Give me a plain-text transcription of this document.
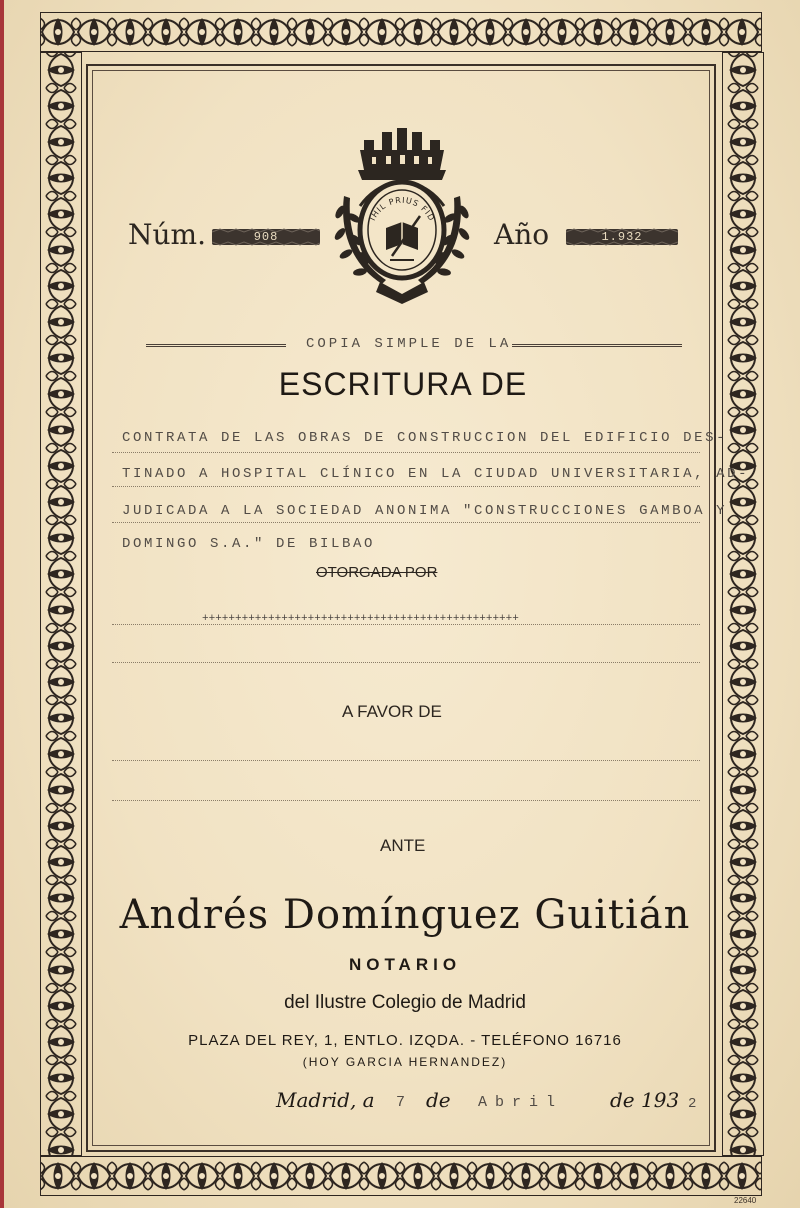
Núm.	908	Año	1.932
IHIL PRIUS FID
COPIA SIMPLE DE LA
ESCRITURA DE
CONTRATA DE LAS OBRAS DE CONSTRUCCION DEL EDIFICIO DES-
TINADO A HOSPITAL CLÍNICO EN LA CIUDAD UNIVERSITARIA, AD-
JUDICADA A LA SOCIEDAD ANONIMA "CONSTRUCCIONES GAMBOA Y
DOMINGO S.A." DE BILBAO
OTORGADA POR
++++++++++++++++++++++++++++++++++++++++++++++++
A FAVOR DE
ANTE
Andrés Domínguez Guitián
NOTARIO
del Ilustre Colegio de Madrid
PLAZA DEL REY, 1, ENTLO. IZQDA. - TELÉFONO 16716
(HOY GARCIA HERNANDEZ)
Madrid, a 7 de Abril de 193 2
22640
